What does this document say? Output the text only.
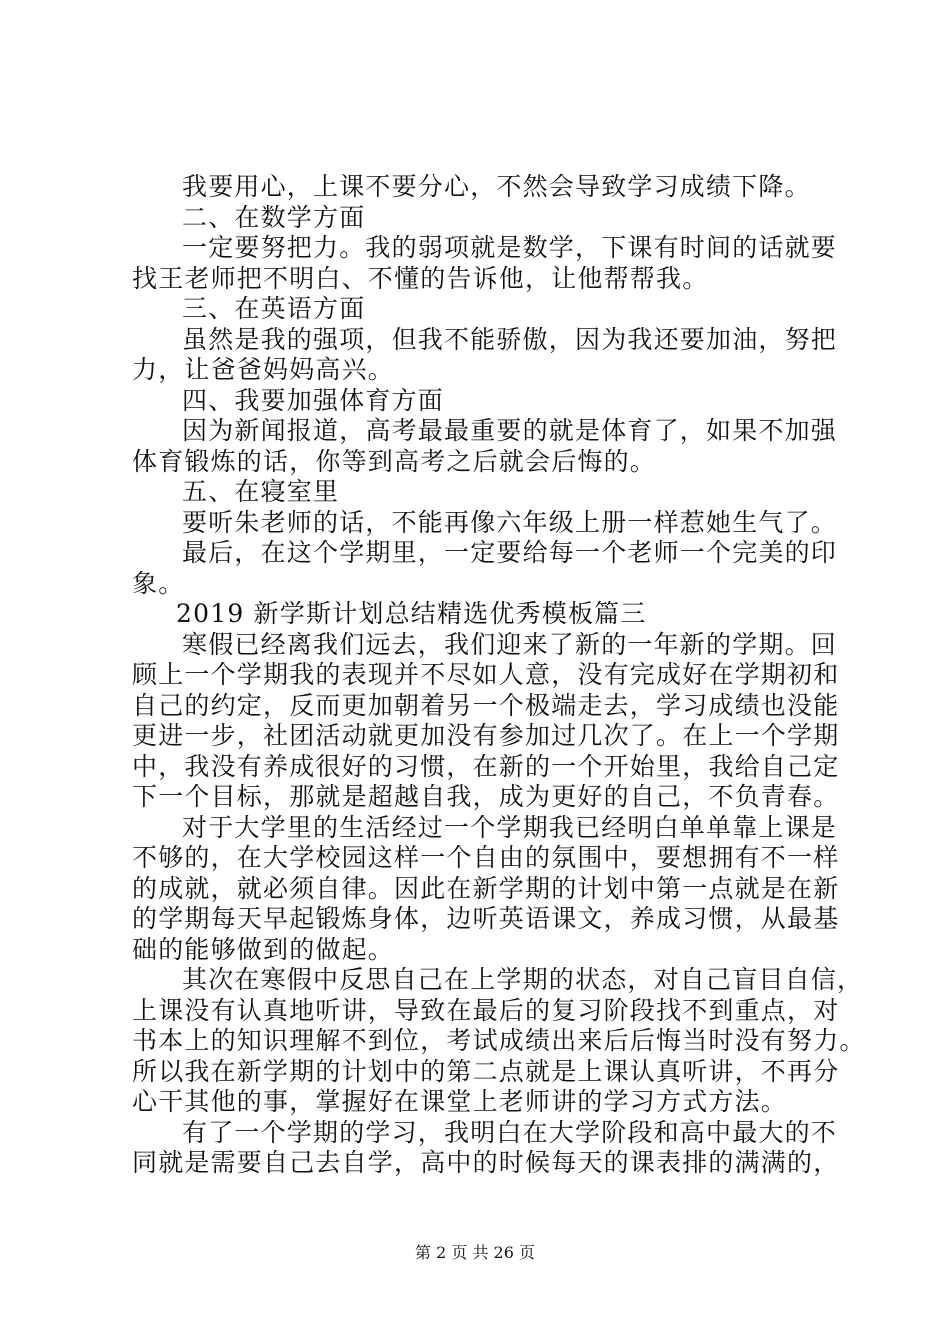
我要用心，上课不要分心，不然会导致学习成绩下降。
二、在数学方面
一定要努把力。我的弱项就是数学，下课有时间的话就要
找王老师把不明白、不懂的告诉他，让他帮帮我。
三、在英语方面
虽然是我的强项，但我不能骄傲，因为我还要加油，努把
力，让爸爸妈妈高兴。
四、我要加强体育方面
因为新闻报道，高考最最重要的就是体育了，如果不加强
体育锻炼的话，你等到高考之后就会后悔的。
五、在寝室里
要听朱老师的话，不能再像六年级上册一样惹她生气了。
最后，在这个学期里，一定要给每一个老师一个完美的印
象。
2019 新学斯计划总结精选优秀模板篇三
寒假已经离我们远去，我们迎来了新的一年新的学期。回
顾上一个学期我的表现并不尽如人意，没有完成好在学期初和
自己的约定，反而更加朝着另一个极端走去，学习成绩也没能
更进一步，社团活动就更加没有参加过几次了。在上一个学期
中，我没有养成很好的习惯，在新的一个开始里，我给自己定
下一个目标，那就是超越自我，成为更好的自己，不负青春。
对于大学里的生活经过一个学期我已经明白单单靠上课是
不够的，在大学校园这样一个自由的氛围中，要想拥有不一样
的成就，就必须自律。因此在新学期的计划中第一点就是在新
的学期每天早起锻炼身体，边听英语课文，养成习惯，从最基
础的能够做到的做起。
其次在寒假中反思自己在上学期的状态，对自己盲目自信，
上课没有认真地听讲，导致在最后的复习阶段找不到重点，对
书本上的知识理解不到位，考试成绩出来后后悔当时没有努力。
所以我在新学期的计划中的第二点就是上课认真听讲，不再分
心干其他的事，掌握好在课堂上老师讲的学习方式方法。
有了一个学期的学习，我明白在大学阶段和高中最大的不
同就是需要自己去自学，高中的时候每天的课表排的满满的，
第 2 页 共 26 页
